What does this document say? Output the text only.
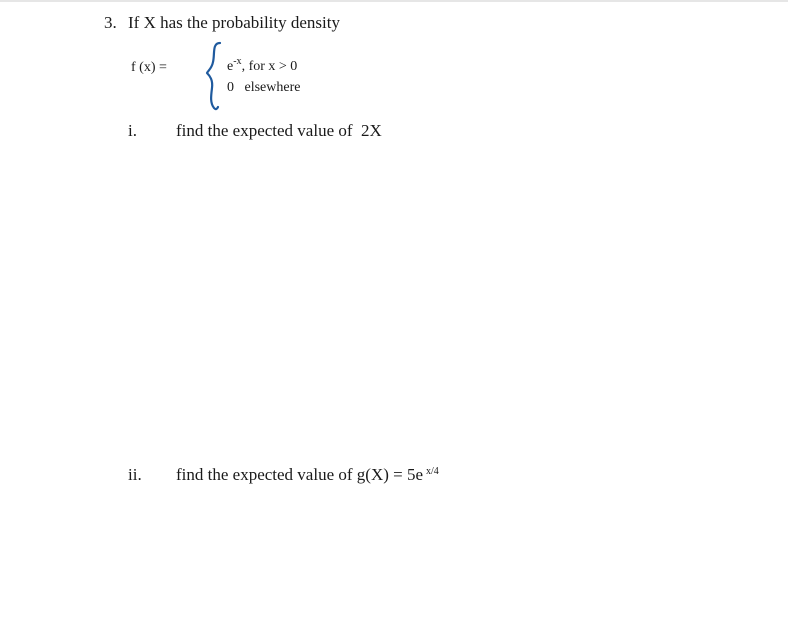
3. If X has the probability density
f (x) =	$e^{-x}$, for x > 0
0   elsewhere
i. find the expected value of  2X
ii. find the expected value of g(X) = 5e $^{x/4}$
